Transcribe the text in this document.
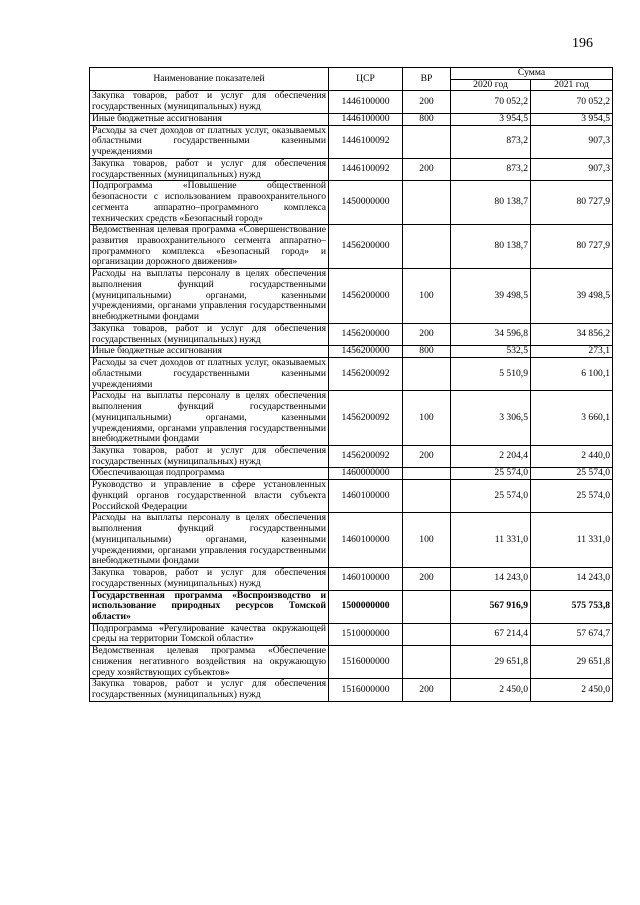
196
Наименование показателей	ЦСР	ВР	Сумма	
			2020 год	2021 год
Закупка товаров, работ и услуг для обеспечения государственных (муниципальных) нужд	1446100000	200	70 052,2	70 052,2
Иные бюджетные ассигнования	1446100000	800	3 954,5	3 954,5
Расходы за счет доходов от платных услуг, оказываемых областными государственными казенными учреждениями	1446100092		873,2	907,3
Закупка товаров, работ и услуг для обеспечения государственных (муниципальных) нужд	1446100092	200	873,2	907,3
Подпрограмма «Повышение общественной безопасности с использованием правоохранительного сегмента аппаратно–программного комплекса технических средств «Безопасный город»	1450000000		80 138,7	80 727,9
Ведомственная целевая программа «Совершенствование развития правоохранительного сегмента аппаратно–программного комплекса «Безопасный город» и организации дорожного движения»	1456200000		80 138,7	80 727,9
Расходы на выплаты персоналу в целях обеспечения выполнения функций государственными (муниципальными) органами, казенными учреждениями, органами управления государственными внебюджетными фондами	1456200000	100	39 498,5	39 498,5
Закупка товаров, работ и услуг для обеспечения государственных (муниципальных) нужд	1456200000	200	34 596,8	34 856,2
Иные бюджетные ассигнования	1456200000	800	532,5	273,1
Расходы за счет доходов от платных услуг, оказываемых областными государственными казенными учреждениями	1456200092		5 510,9	6 100,1
Расходы на выплаты персоналу в целях обеспечения выполнения функций государственными (муниципальными) органами, казенными учреждениями, органами управления государственными внебюджетными фондами	1456200092	100	3 306,5	3 660,1
Закупка товаров, работ и услуг для обеспечения государственных (муниципальных) нужд	1456200092	200	2 204,4	2 440,0
Обеспечивающая подпрограмма	1460000000		25 574,0	25 574,0
Руководство и управление в сфере установленных функций органов государственной власти субъекта Российской Федерации	1460100000		25 574,0	25 574,0
Расходы на выплаты персоналу в целях обеспечения выполнения функций государственными (муниципальными) органами, казенными учреждениями, органами управления государственными внебюджетными фондами	1460100000	100	11 331,0	11 331,0
Закупка товаров, работ и услуг для обеспечения государственных (муниципальных) нужд	1460100000	200	14 243,0	14 243,0
Государственная программа «Воспроизводство и использование природных ресурсов Томской области»	1500000000		567 916,9	575 753,8
Подпрограмма «Регулирование качества окружающей среды на территории Томской области»	1510000000		67 214,4	57 674,7
Ведомственная целевая программа «Обеспечение снижения негативного воздействия на окружающую среду хозяйствующих субъектов»	1516000000		29 651,8	29 651,8
Закупка товаров, работ и услуг для обеспечения государственных (муниципальных) нужд	1516000000	200	2 450,0	2 450,0
